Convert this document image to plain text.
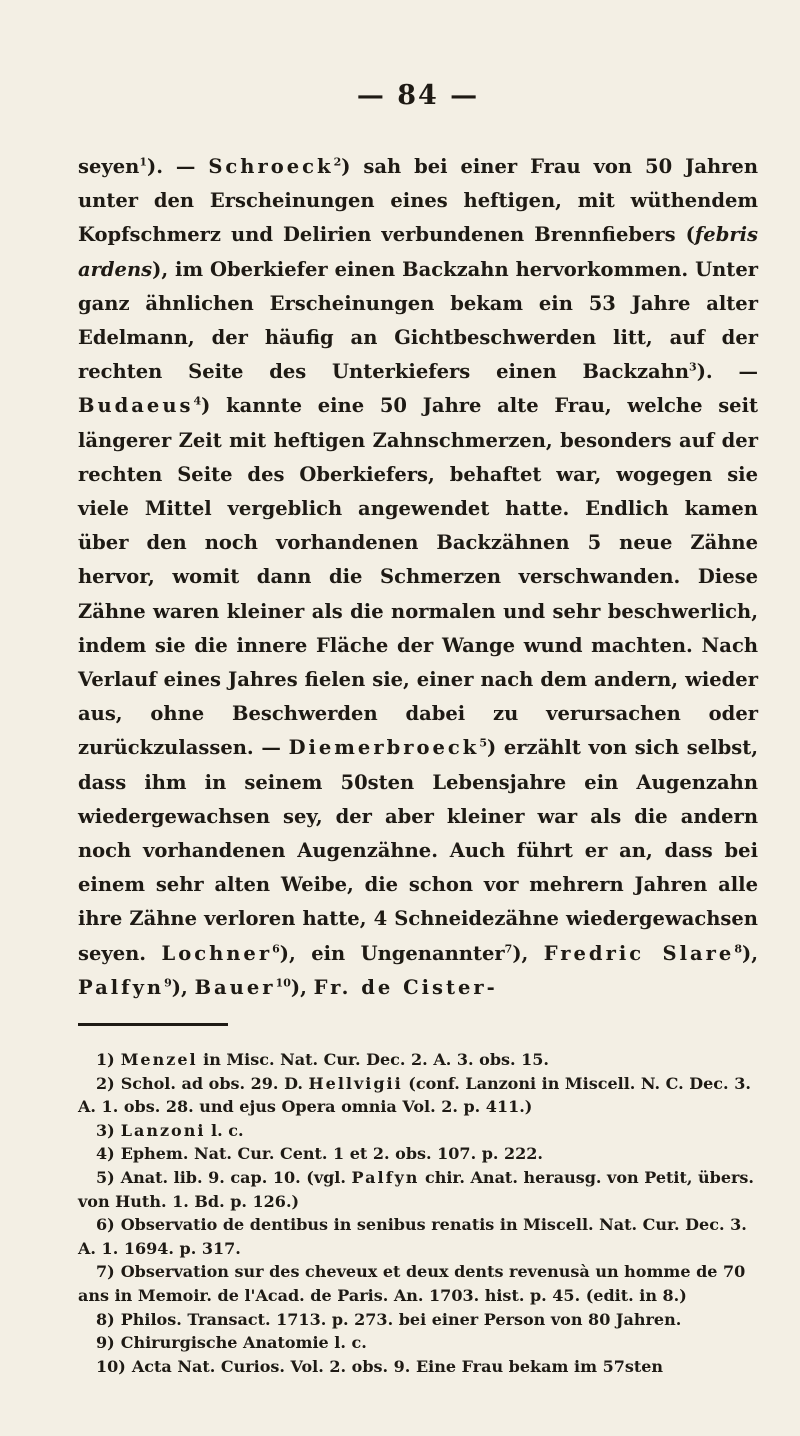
— 84 —
seyen$^1$). — Schroeck$^2$) sah bei einer Frau von 50 Jahren unter den Erscheinungen eines heftigen, mit wüthendem Kopfschmerz und Delirien verbundenen Brennfiebers (febris ardens), im Oberkiefer einen Backzahn hervorkommen. Unter ganz ähnlichen Erscheinungen bekam ein 53 Jahre alter Edelmann, der häufig an Gichtbeschwerden litt, auf der rechten Seite des Unterkiefers einen Backzahn$^3$). — Budaeus$^4$) kannte eine 50 Jahre alte Frau, welche seit längerer Zeit mit heftigen Zahnschmerzen, besonders auf der rechten Seite des Oberkiefers, behaftet war, wogegen sie viele Mittel vergeblich angewendet hatte. Endlich kamen über den noch vorhandenen Backzähnen 5 neue Zähne hervor, womit dann die Schmerzen verschwanden. Diese Zähne waren kleiner als die normalen und sehr beschwerlich, indem sie die innere Fläche der Wange wund machten. Nach Verlauf eines Jahres fielen sie, einer nach dem andern, wieder aus, ohne Beschwerden dabei zu verursachen oder zurückzulassen. — Diemerbroeck$^5$) erzählt von sich selbst, dass ihm in seinem 50sten Lebensjahre ein Augenzahn wiedergewachsen sey, der aber kleiner war als die andern noch vorhandenen Augenzähne. Auch führt er an, dass bei einem sehr alten Weibe, die schon vor mehrern Jahren alle ihre Zähne verloren hatte, 4 Schneidezähne wiedergewachsen seyen. Lochner$^6$), ein Ungenannter$^7$), Fredric Slare$^8$), Palfyn$^9$), Bauer$^{10}$), Fr. de Cister-

1) Menzel in Misc. Nat. Cur. Dec. 2. A. 3. obs. 15.

2) Schol. ad obs. 29. D. Hellvigii (conf. Lanzoni in Miscell. N. C. Dec. 3. A. 1. obs. 28. und ejus Opera omnia Vol. 2. p. 411.)

3) Lanzoni l. c.

4) Ephem. Nat. Cur. Cent. 1 et 2. obs. 107. p. 222.

5) Anat. lib. 9. cap. 10. (vgl. Palfyn chir. Anat. herausg. von Petit, übers. von Huth. 1. Bd. p. 126.)

6) Observatio de dentibus in senibus renatis in Miscell. Nat. Cur. Dec. 3. A. 1. 1694. p. 317.

7) Observation sur des cheveux et deux dents revenusà un homme de 70 ans in Memoir. de l'Acad. de Paris. An. 1703. hist. p. 45. (edit. in 8.)

8) Philos. Transact. 1713. p. 273. bei einer Person von 80 Jahren.

9) Chirurgische Anatomie l. c.

10) Acta Nat. Curios. Vol. 2. obs. 9. Eine Frau bekam im 57sten
